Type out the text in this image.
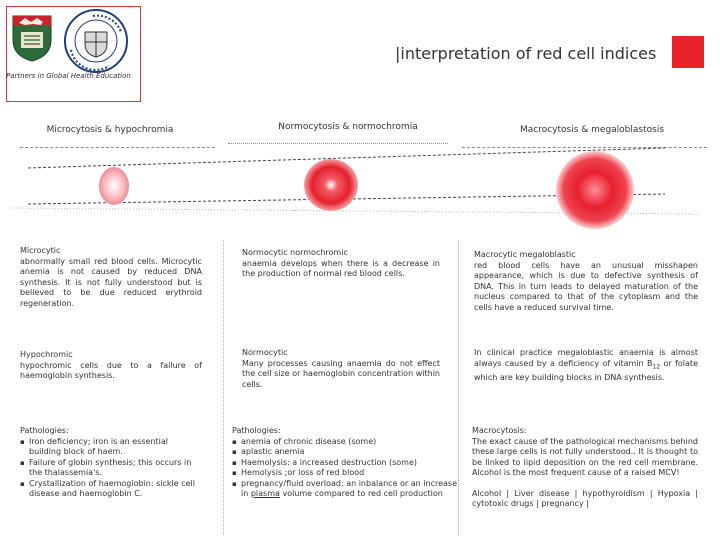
Partners in Global Health Education
|interpretation of red cell indices
Microcytosis & hypochromia	Normocytosis & normochromia	Macrocytosis & megaloblastosis

Microcytic

abnormally small red blood cells. Microcytic anemia is not caused by reduced DNA synthesis. It is not fully understood but is believed to be due reduced erythroid regeneration.

Hypochromic

hypochromic cells due to a failure of haemoglobin synthesis.

Pathologies:

▪ Iron deficiency; iron is an essential building block of haem.
▪ Failure of globin synthesis; this occurs in the thalassemia's.
▪ Crystallization of haemoglobin: sickle cell disease and haemoglobin C.

Normocytic normochromic

anaemia develops when there is a decrease in the production of normal red blood cells.

Normocytic

Many processes causing anaemia do not effect the cell size or haemoglobin concentration within cells.

Pathologies:

▪ anemia of chronic disease (some)
▪ aplastic anemia
▪ Haemolysis: a increased destruction (some)
▪ Hemolysis ;or loss of red blood
▪ pregnancy/fluid overload: an inbalance or an increase in plasma volume compared to red cell production

Macrocytic megaloblastic

red blood cells have an unusual misshapen appearance, which is due to defective synthesis of DNA. This in turn leads to delayed maturation of the nucleus compared to that of the cytoplasm and the cells have a reduced survival time.

In clinical practice megaloblastic anaemia is almost always caused by a deficiency of vitamin $B_{12}$ or folate which are key building blocks in DNA synthesis.

Macrocytosis:

The exact cause of the pathological mechanisms behind these large cells is not fully understood.. It is thought to be linked to lipid deposition on the red cell membrane. Alcohol is the most frequent cause of a raised MCV!

Alcohol | Liver disease | hypothyroidism | Hypoxia | cytotoxic drugs | pregnancy |
